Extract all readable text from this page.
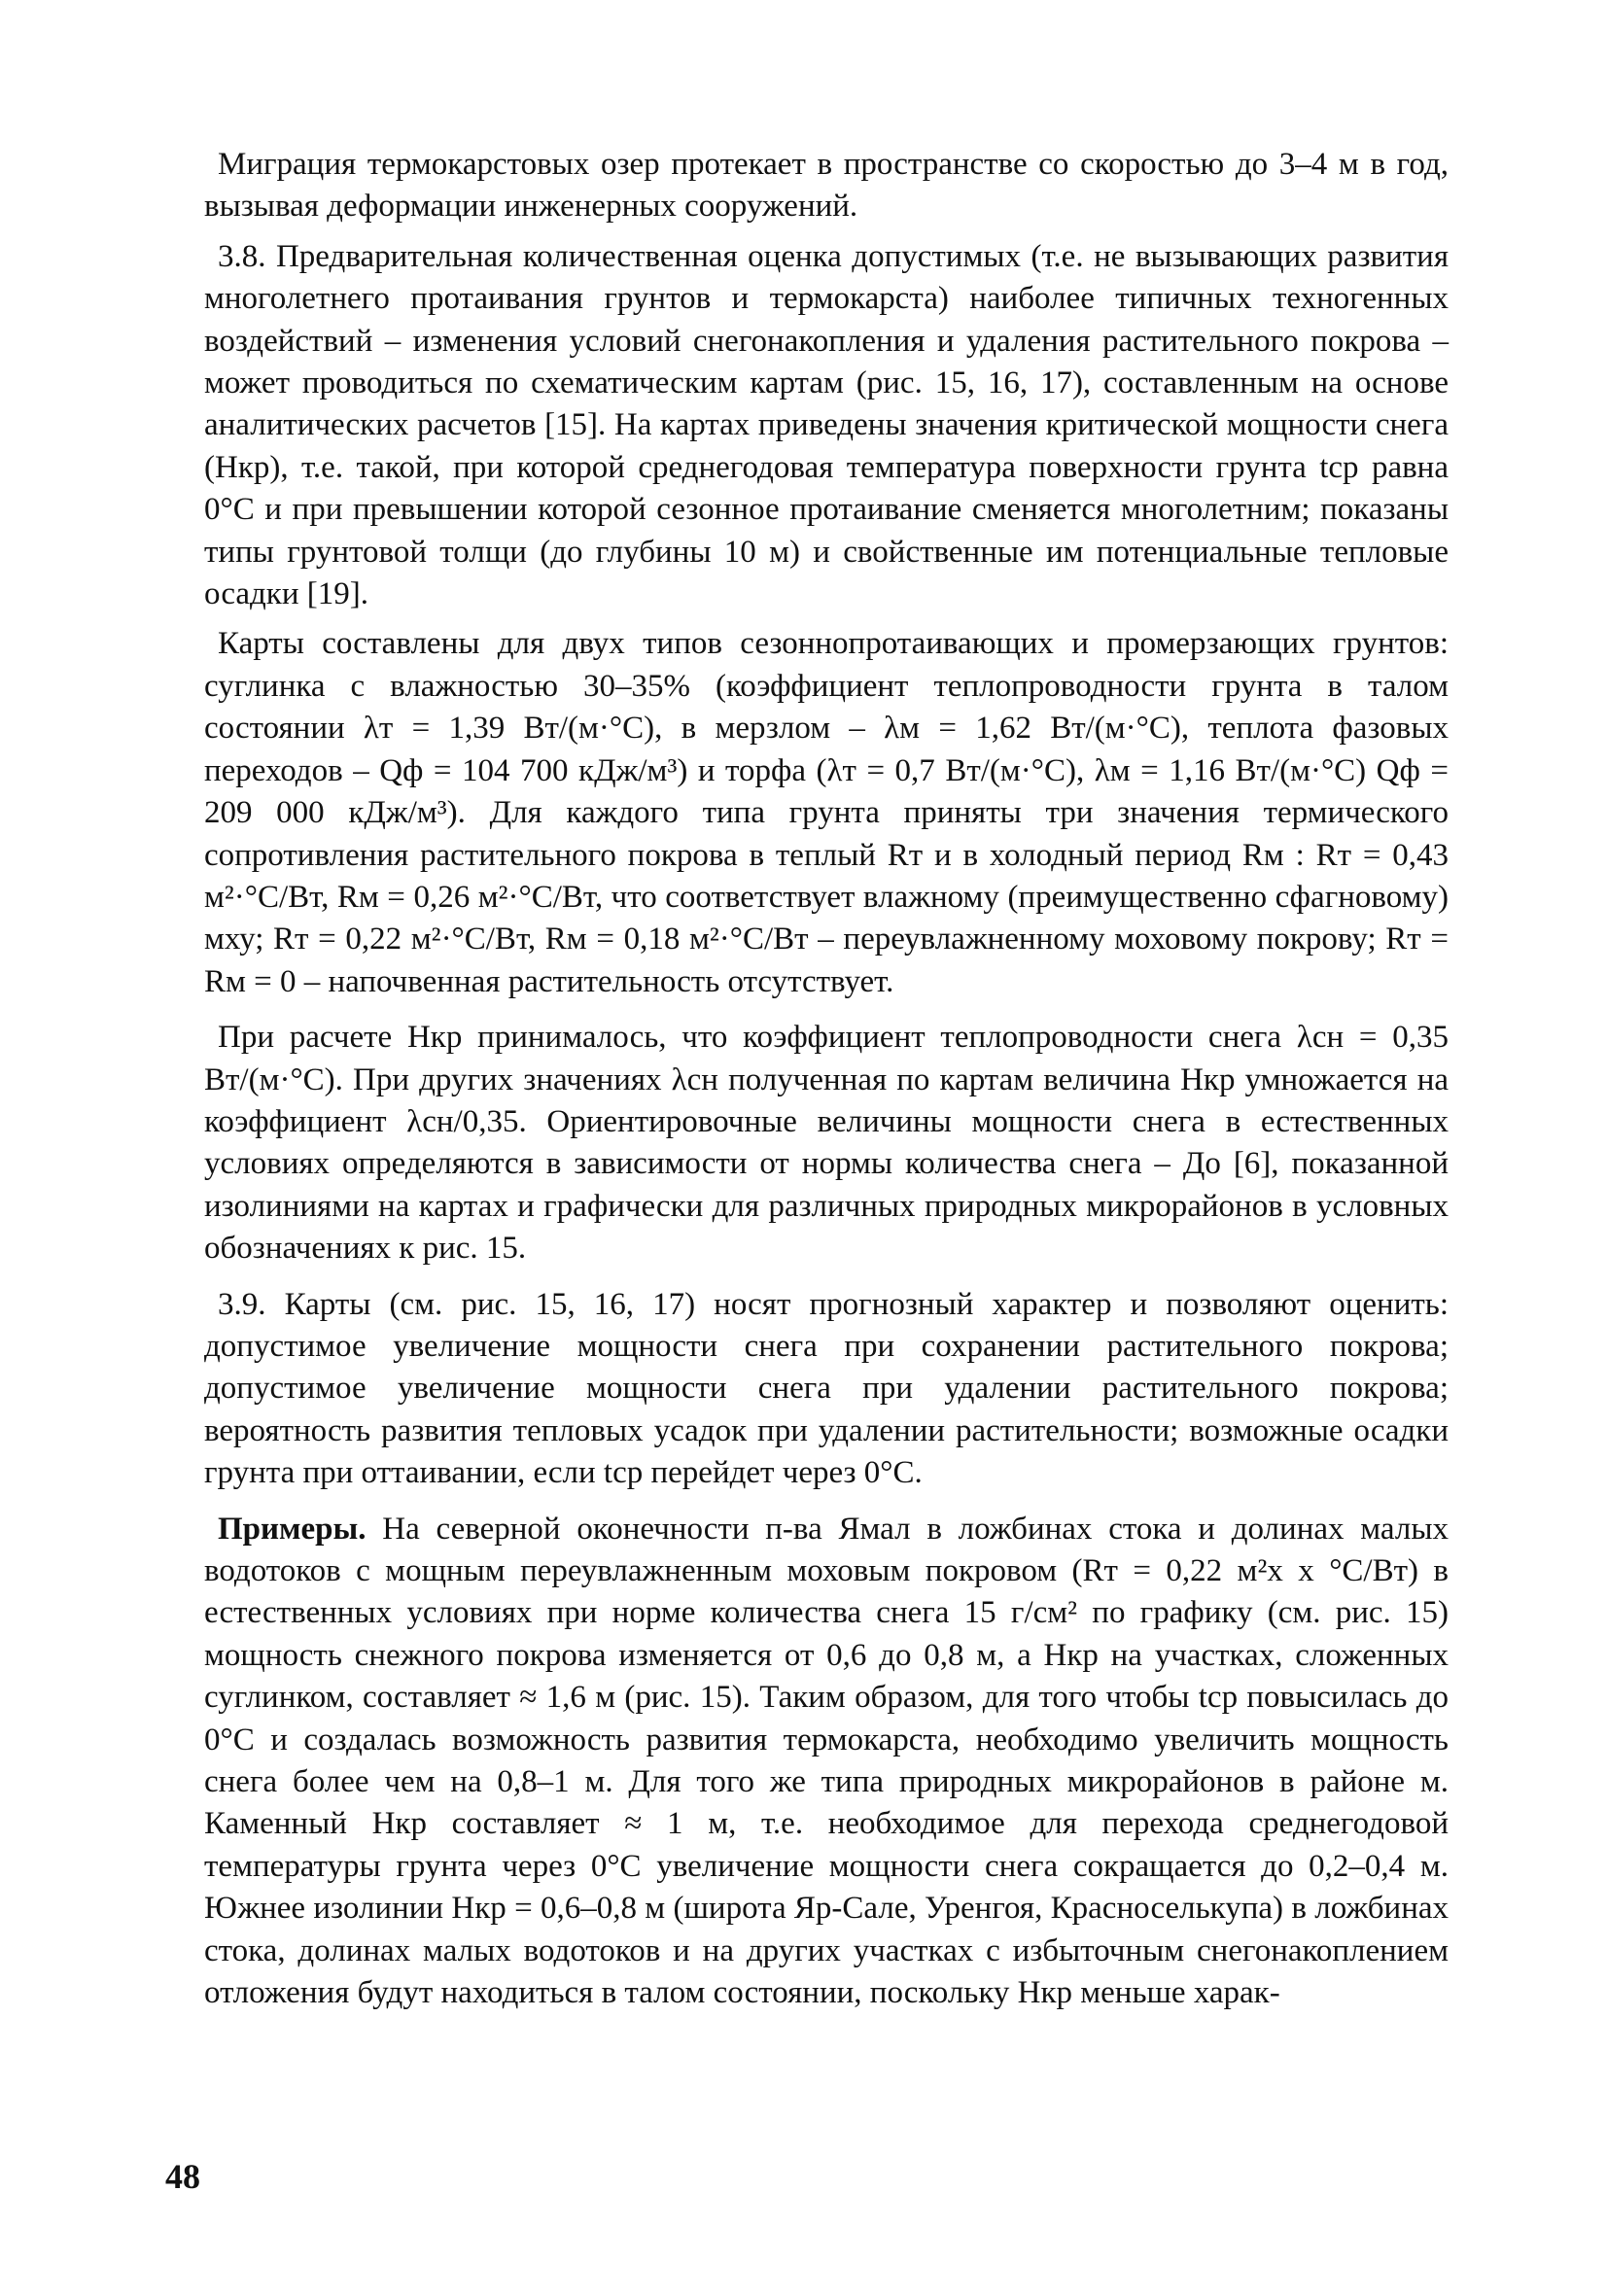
Миграция термокарстовых озер протекает в пространстве со скоростью до 3–4 м в год, вызывая деформации инженерных сооружений.

3.8. Предварительная количественная оценка допустимых (т.е. не вызывающих развития многолетнего протаивания грунтов и термокарста) наиболее типичных техногенных воздействий – изменения условий снегонакопления и удаления растительного покрова – может проводиться по схематическим картам (рис. 15, 16, 17), составленным на основе аналитических расчетов [15]. На картах приведены значения критической мощности снега (Hкр), т.е. такой, при которой среднегодовая температура поверхности грунта tср равна 0°С и при превышении которой сезонное протаивание сменяется многолетним; показаны типы грунтовой толщи (до глубины 10 м) и свойственные им потенциальные тепловые осадки [19].

Карты составлены для двух типов сезоннопротаивающих и промерзающих грунтов: суглинка с влажностью 30–35% (коэффициент теплопроводности грунта в талом состоянии λт = 1,39 Вт/(м·°С), в мерзлом – λм = 1,62 Вт/(м·°С), теплота фазовых переходов – Qф = 104 700 кДж/м³) и торфа (λт = 0,7 Вт/(м·°С), λм = 1,16 Вт/(м·°С) Qф = 209 000 кДж/м³). Для каждого типа грунта приняты три значения термического сопротивления растительного покрова в теплый Rт и в холодный период Rм : Rт = 0,43 м²·°С/Вт, Rм = 0,26 м²·°С/Вт, что соответствует влажному (преимущественно сфагновому) мху; Rт = 0,22 м²·°С/Вт, Rм = 0,18 м²·°С/Вт – переувлажненному моховому покрову; Rт = Rм = 0 – напочвенная растительность отсутствует.

При расчете Hкр принималось, что коэффициент теплопроводности снега λсн = 0,35 Вт/(м·°С). При других значениях λсн полученная по картам величина Hкр умножается на коэффициент λсн/0,35. Ориентировочные величины мощности снега в естественных условиях определяются в зависимости от нормы количества снега – До [6], показанной изолиниями на картах и графически для различных природных микрорайонов в условных обозначениях к рис. 15.

3.9. Карты (см. рис. 15, 16, 17) носят прогнозный характер и позволяют оценить: допустимое увеличение мощности снега при сохранении растительного покрова; допустимое увеличение мощности снега при удалении растительного покрова; вероятность развития тепловых усадок при удалении растительности; возможные осадки грунта при оттаивании, если tср перейдет через 0°С.

Примеры. На северной оконечности п-ва Ямал в ложбинах стока и долинах малых водотоков с мощным переувлажненным моховым покровом (Rт = 0,22 м²х х °С/Вт) в естественных условиях при норме количества снега 15 г/см² по графику (см. рис. 15) мощность снежного покрова изменяется от 0,6 до 0,8 м, а Hкр на участках, сложенных суглинком, составляет ≈ 1,6 м (рис. 15). Таким образом, для того чтобы tср повысилась до 0°С и создалась возможность развития термокарста, необходимо увеличить мощность снега более чем на 0,8–1 м. Для того же типа природных микрорайонов в районе м. Каменный Hкр составляет ≈ 1 м, т.е. необходимое для перехода среднегодовой температуры грунта через 0°С увеличение мощности снега сокращается до 0,2–0,4 м. Южнее изолинии Hкр = 0,6–0,8 м (широта Яр-Сале, Уренгоя, Красноселькупа) в ложбинах стока, долинах малых водотоков и на других участках с избыточным снегонакоплением отложения будут находиться в талом состоянии, поскольку Hкр меньше харак-

48
